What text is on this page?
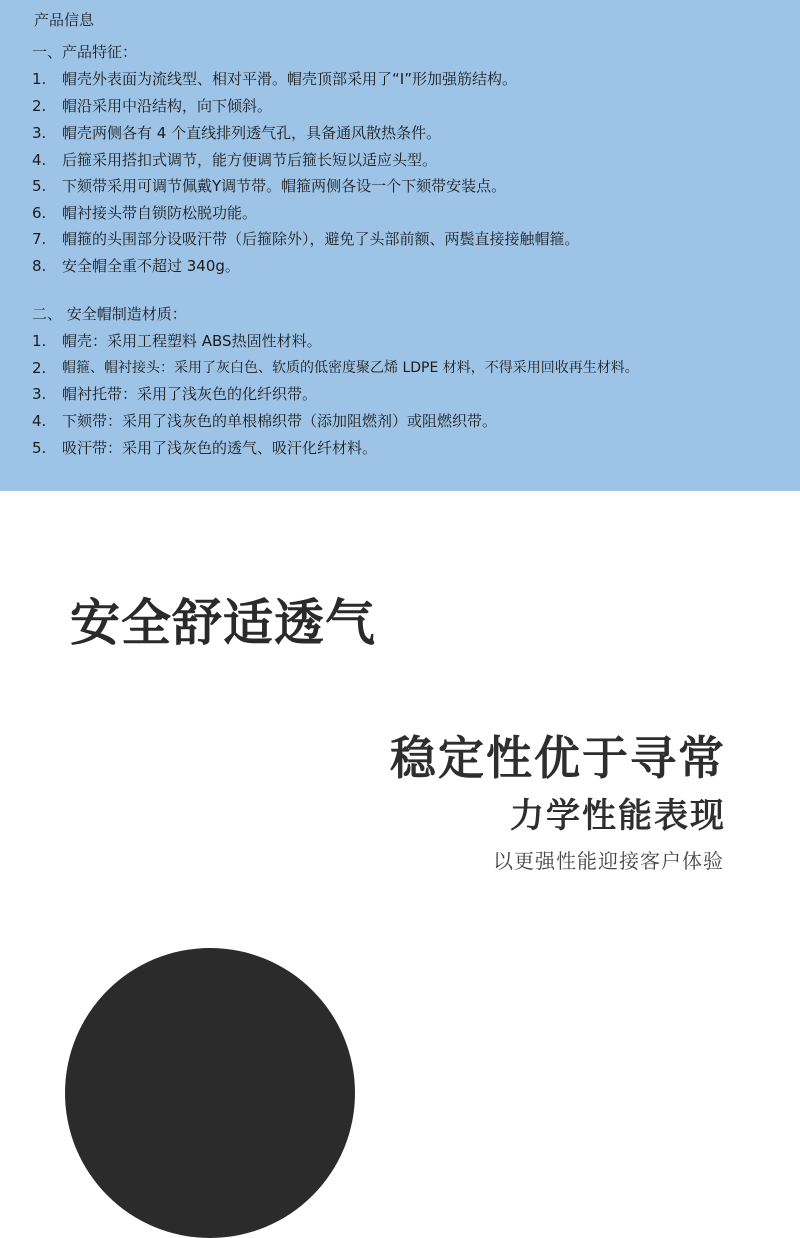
产品信息
一、产品特征：
1. 帽壳外表面为流线型、相对平滑。帽壳顶部采用了“I”形加强筋结构。
2. 帽沿采用中沿结构，向下倾斜。
3. 帽壳两侧各有 4 个直线排列透气孔，具备通风散热条件。
4. 后箍采用搭扣式调节，能方便调节后箍长短以适应头型。
5. 下颏带采用可调节佩戴Y调节带。帽箍两侧各设一个下颏带安装点。
6. 帽衬接头带自锁防松脱功能。
7. 帽箍的头围部分设吸汗带（后箍除外），避免了头部前额、两鬓直接接触帽箍。
8. 安全帽全重不超过 340g。
二、 安全帽制造材质：
1. 帽壳：采用工程塑料 ABS热固性材料。
2. 帽箍、帽衬接头：采用了灰白色、软质的低密度聚乙烯 LDPE 材料，不得采用回收再生材料。
3. 帽衬托带：采用了浅灰色的化纤织带。
4. 下颏带：采用了浅灰色的单根棉织带（添加阻燃剂）或阻燃织带。
5. 吸汗带：采用了浅灰色的透气、吸汗化纤材料。
安全舒适透气
稳定性优于寻常
力学性能表现
以更强性能迎接客户体验
